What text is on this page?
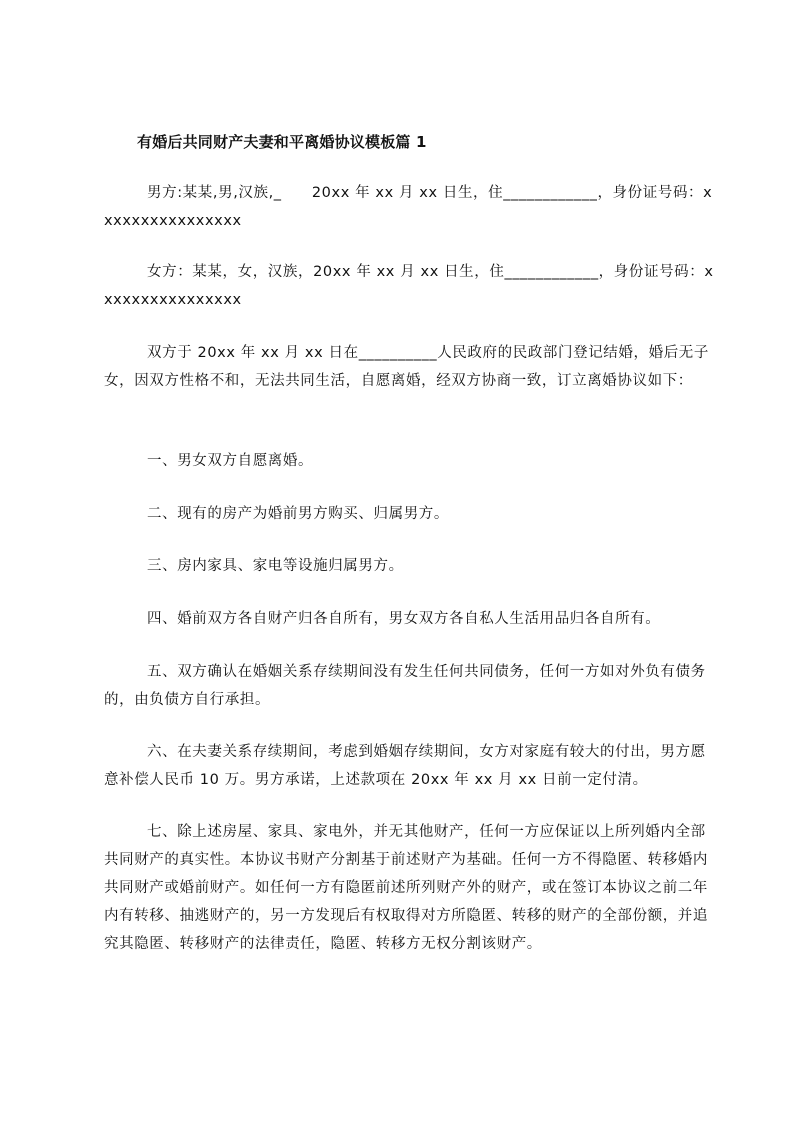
有婚后共同财产夫妻和平离婚协议模板篇 1
男方:某某,男,汉族,_　　20xx 年 xx 月 xx 日生，住____________，身份证号码：xxxxxxxxxxxxxxxx
女方：某某，女，汉族，20xx 年 xx 月 xx 日生，住____________，身份证号码：xxxxxxxxxxxxxxxx
双方于 20xx 年 xx 月 xx 日在__________人民政府的民政部门登记结婚，婚后无子女，因双方性格不和，无法共同生活，自愿离婚，经双方协商一致，订立离婚协议如下：
一、男女双方自愿离婚。
二、现有的房产为婚前男方购买、归属男方。
三、房内家具、家电等设施归属男方。
四、婚前双方各自财产归各自所有，男女双方各自私人生活用品归各自所有。
五、双方确认在婚姻关系存续期间没有发生任何共同债务，任何一方如对外负有债务的，由负债方自行承担。
六、在夫妻关系存续期间，考虑到婚姻存续期间，女方对家庭有较大的付出，男方愿意补偿人民币 10 万。男方承诺，上述款项在 20xx 年 xx 月 xx 日前一定付清。
七、除上述房屋、家具、家电外，并无其他财产，任何一方应保证以上所列婚内全部共同财产的真实性。本协议书财产分割基于前述财产为基础。任何一方不得隐匿、转移婚内共同财产或婚前财产。如任何一方有隐匿前述所列财产外的财产，或在签订本协议之前二年内有转移、抽逃财产的，另一方发现后有权取得对方所隐匿、转移的财产的全部份额，并追究其隐匿、转移财产的法律责任，隐匿、转移方无权分割该财产。
